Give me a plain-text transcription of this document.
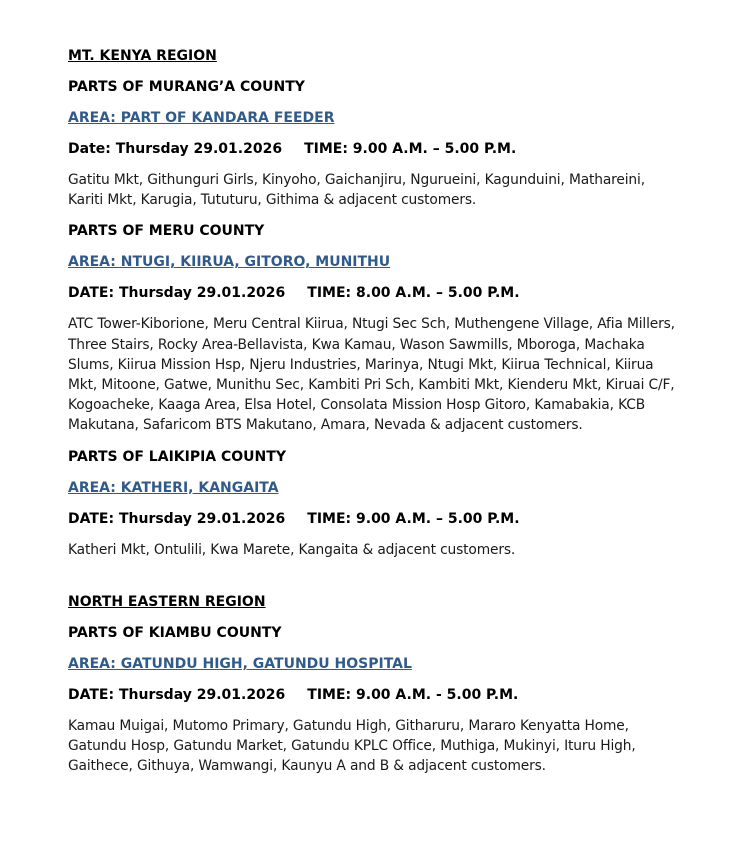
MT. KENYA REGION
PARTS OF MURANG’A COUNTY
AREA: PART OF KANDARA FEEDER
Date: Thursday 29.01.2026 TIME: 9.00 A.M. – 5.00 P.M.
Gatitu Mkt, Githunguri Girls, Kinyoho, Gaichanjiru, Ngurueini, Kagunduini, Mathareini,
Kariti Mkt, Karugia, Tututuru, Githima & adjacent customers.
PARTS OF MERU COUNTY
AREA: NTUGI, KIIRUA, GITORO, MUNITHU
DATE: Thursday 29.01.2026 TIME: 8.00 A.M. – 5.00 P.M.
ATC Tower-Kiborione, Meru Central Kiirua, Ntugi Sec Sch, Muthengene Village, Afia Millers,
Three Stairs, Rocky Area-Bellavista, Kwa Kamau, Wason Sawmills, Mboroga, Machaka
Slums, Kiirua Mission Hsp, Njeru Industries, Marinya, Ntugi Mkt, Kiirua Technical, Kiirua
Mkt, Mitoone, Gatwe, Munithu Sec, Kambiti Pri Sch, Kambiti Mkt, Kienderu Mkt, Kiruai C/F,
Kogoacheke, Kaaga Area, Elsa Hotel, Consolata Mission Hosp Gitoro, Kamabakia, KCB
Makutana, Safaricom BTS Makutano, Amara, Nevada & adjacent customers.
PARTS OF LAIKIPIA COUNTY
AREA: KATHERI, KANGAITA
DATE: Thursday 29.01.2026 TIME: 9.00 A.M. – 5.00 P.M.
Katheri Mkt, Ontulili, Kwa Marete, Kangaita & adjacent customers.
NORTH EASTERN REGION
PARTS OF KIAMBU COUNTY
AREA: GATUNDU HIGH, GATUNDU HOSPITAL
DATE: Thursday 29.01.2026 TIME: 9.00 A.M. - 5.00 P.M.
Kamau Muigai, Mutomo Primary, Gatundu High, Githaruru, Mararo Kenyatta Home,
Gatundu Hosp, Gatundu Market, Gatundu KPLC Office, Muthiga, Mukinyi, Ituru High,
Gaithece, Githuya, Wamwangi, Kaunyu A and B & adjacent customers.
